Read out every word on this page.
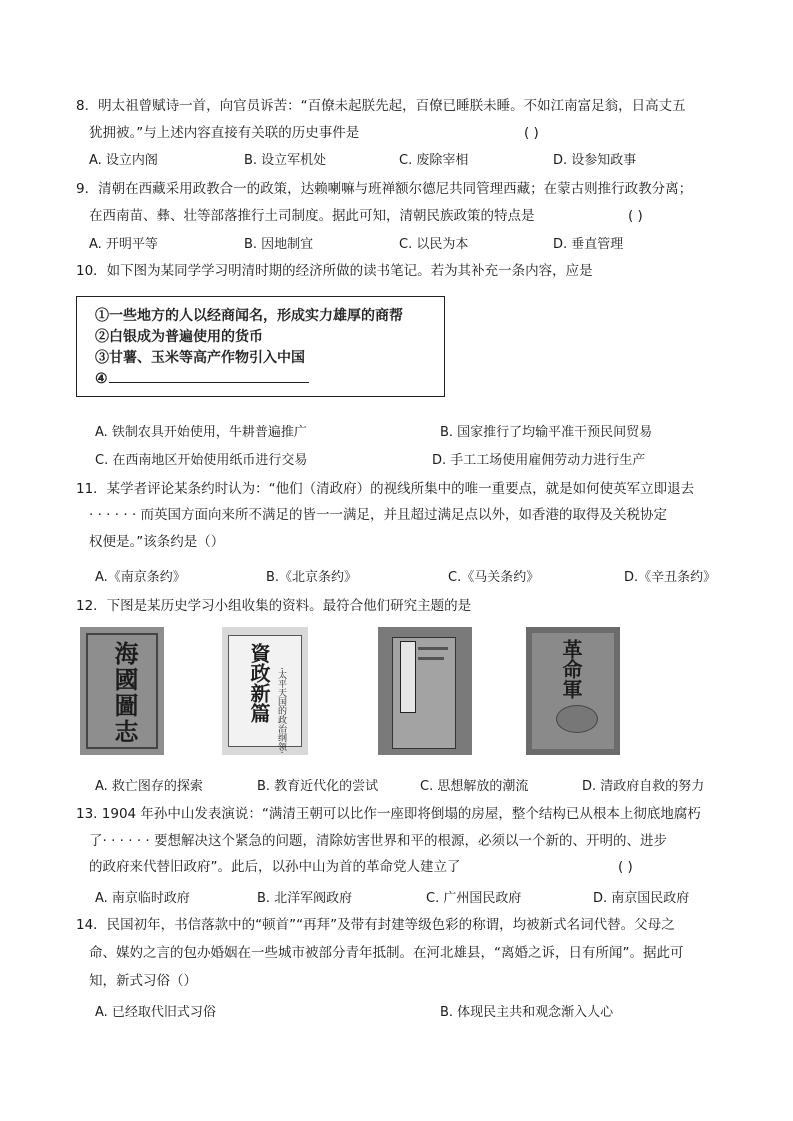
8．明太祖曾赋诗一首，向官员诉苦：“百僚未起朕先起，百僚已睡朕未睡。不如江南富足翁，日高丈五
犹拥被。”与上述内容直接有关联的历史事件是	( )
A. 设立内阁	B. 设立军机处	C. 废除宰相	D. 设参知政事
9．清朝在西藏采用政教合一的政策，达赖喇嘛与班禅额尔德尼共同管理西藏；在蒙古则推行政教分离；
在西南苗、彝、壮等部落推行土司制度。据此可知，清朝民族政策的特点是	( )
A. 开明平等	B. 因地制宜	C. 以民为本	D. 垂直管理
10．如下图为某同学学习明清时期的经济所做的读书笔记。若为其补充一条内容，应是
①一些地方的人以经商闻名，形成实力雄厚的商帮
②白银成为普遍使用的货币
③甘薯、玉米等高产作物引入中国
④
A. 铁制农具开始使用，牛耕普遍推广	B. 国家推行了均输平准干预民间贸易
C. 在西南地区开始使用纸币进行交易	D. 手工工场使用雇佣劳动力进行生产
11．某学者评论某条约时认为：“他们（清政府）的视线所集中的唯一重要点，就是如何使英军立即退去
· · · · · · 而英国方面向来所不满足的皆一一满足，并且超过满足点以外，如香港的取得及关税协定
权便是。”该条约是（）
A.《南京条约》	B.《北京条约》	C.《马关条约》	D.《辛丑条约》
12．下图是某历史学习小组收集的资料。最符合他们研究主题的是
海國圖志	資政新篇 ·太平天国的政治纲领·	革命軍
A. 救亡图存的探索	B. 教育近代化的尝试	C. 思想解放的潮流	D. 清政府自救的努力
13. 1904 年孙中山发表演说：“满清王朝可以比作一座即将倒塌的房屋，整个结构已从根本上彻底地腐朽
了· · · · · · 要想解决这个紧急的问题，清除妨害世界和平的根源，必须以一个新的、开明的、进步
的政府来代替旧政府”。此后，以孙中山为首的革命党人建立了	( )
A. 南京临时政府	B. 北洋军阀政府	C. 广州国民政府	D. 南京国民政府
14．民国初年，书信落款中的“顿首”“再拜”及带有封建等级色彩的称谓，均被新式名词代替。父母之
命、媒妁之言的包办婚姻在一些城市被部分青年抵制。在河北雄县，“离婚之诉，日有所闻”。据此可
知，新式习俗（）
A. 已经取代旧式习俗	B. 体现民主共和观念渐入人心
